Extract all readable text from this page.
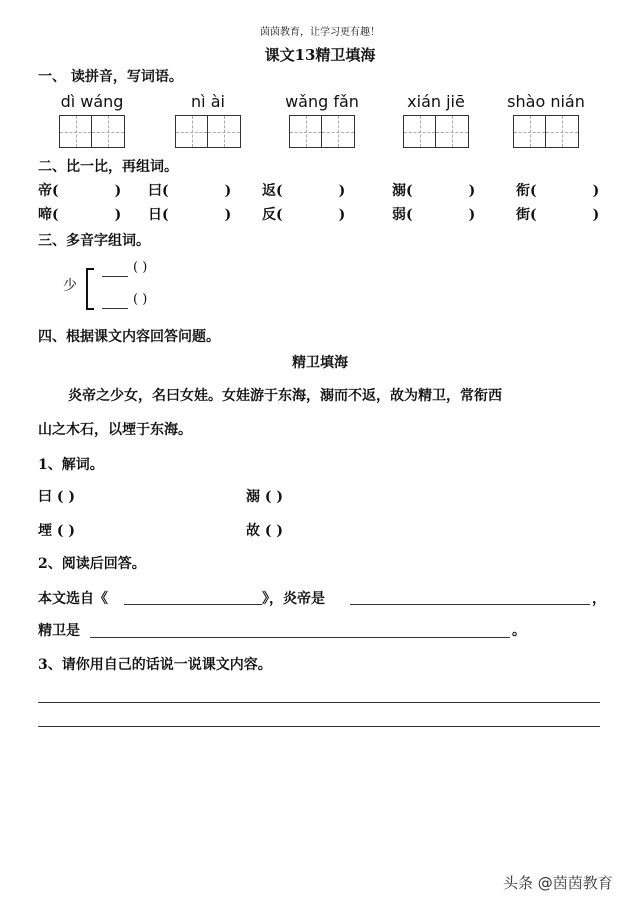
茵茵教育，让学习更有趣！
课文13精卫填海
一、 读拼音，写词语。
dì wáng	nì ài	wǎng fǎn	xián jiē	shào nián
二、比一比，再组词。
帝(	) 曰(	) 返(	)	溺(	)	衔(	)
啼(	) 日(	) 反(	)	弱(	)	街(	)
三、多音字组词。
少
( )
( )
四、根据课文内容回答问题。
精卫填海
炎帝之少女，名曰女娃。女娃游于东海，溺而不返，故为精卫，常衔西
山之木石，以堙于东海。
1、解词。
曰 ( )	溺 ( )
堙 ( )	故 ( )
2、阅读后回答。
本文选自《	》，炎帝是	，
精卫是	。
3、请你用自己的话说一说课文内容。
头条 @茵茵教育
